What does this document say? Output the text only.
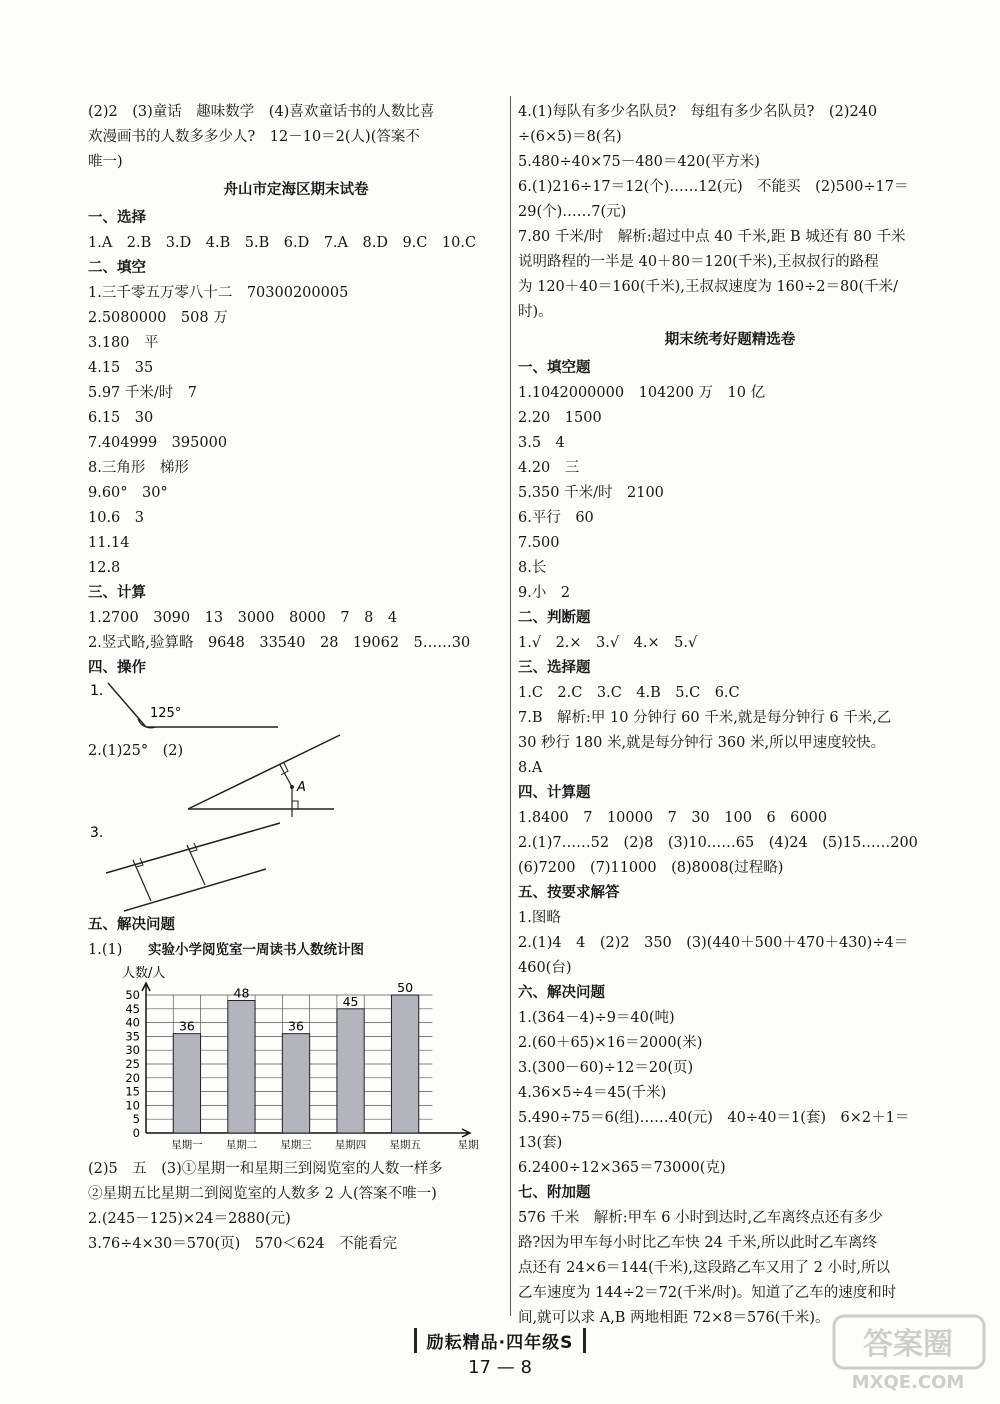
(2)2　(3)童话　趣味数学　(4)喜欢童话书的人数比喜
欢漫画书的人数多多少人?　12－10＝2(人)(答案不
唯一)
舟山市定海区期末试卷
一、选择
1.A　2.B　3.D　4.B　5.B　6.D　7.A　8.D　9.C　10.C
二、填空
1.三千零五万零八十二　70300200005
2.5080000　508 万
3.180　平
4.15　35
5.97 千米/时　7
6.15　30
7.404999　395000
8.三角形　梯形
9.60°　30°
10.6　3
11.14
12.8
三、计算
1.2700　3090　13　3000　8000　7　8　4
2.竖式略,验算略　9648　33540　28　19062　5……30
四、操作
1.
125°
2.(1)25°　(2)
A
3.
五、解决问题
1.(1) 实验小学阅览室一周读书人数统计图
人数/人
0
5
10
15
20
25
30
35
40
45
50
36
星期一
48
星期二
36
星期三
45
星期四
50
星期五	星期
(2)5　五　(3)①星期一和星期三到阅览室的人数一样多
②星期五比星期二到阅览室的人数多 2 人(答案不唯一)
2.(245－125)×24＝2880(元)
3.76÷4×30＝570(页)　570＜624　不能看完
4.(1)每队有多少名队员?　每组有多少名队员?　(2)240
÷(6×5)＝8(名)
5.480÷40×75－480＝420(平方米)
6.(1)216÷17＝12(个)……12(元)　不能买　(2)500÷17＝
29(个)……7(元)
7.80 千米/时　解析:超过中点 40 千米,距 B 城还有 80 千米
说明路程的一半是 40＋80＝120(千米),王叔叔行的路程
为 120＋40＝160(千米),王叔叔速度为 160÷2＝80(千米/
时)。
期末统考好题精选卷
一、填空题
1.1042000000　104200 万　10 亿
2.20　1500
3.5　4
4.20　三
5.350 千米/时　2100
6.平行　60
7.500
8.长
9.小　2
二、判断题
1.√　2.×　3.√　4.×　5.√
三、选择题
1.C　2.C　3.C　4.B　5.C　6.C
7.B　解析:甲 10 分钟行 60 千米,就是每分钟行 6 千米,乙
30 秒行 180 米,就是每分钟行 360 米,所以甲速度较快。
8.A
四、计算题
1.8400　7　10000　7　30　100　6　6000
2.(1)7……52　(2)8　(3)10……65　(4)24　(5)15……200
(6)7200　(7)11000　(8)8008(过程略)
五、按要求解答
1.图略
2.(1)4　4　(2)2　350　(3)(440＋500＋470＋430)÷4＝
460(台)
六、解决问题
1.(364－4)÷9＝40(吨)
2.(60＋65)×16＝2000(米)
3.(300－60)÷12＝20(页)
4.36×5÷4＝45(千米)
5.490÷75＝6(组)……40(元)　40÷40＝1(套)　6×2＋1＝
13(套)
6.2400÷12×365＝73000(克)
七、附加题
576 千米　解析:甲车 6 小时到达时,乙车离终点还有多少
路?因为甲车每小时比乙车快 24 千米,所以此时乙车离终
点还有 24×6＝144(千米),这段路乙车又用了 2 小时,所以
乙车速度为 144÷2＝72(千米/时)。知道了乙车的速度和时
间,就可以求 A,B 两地相距 72×8＝576(千米)。
励耘精品·四年级S
17 — 8
答案圈
MXQE.COM
